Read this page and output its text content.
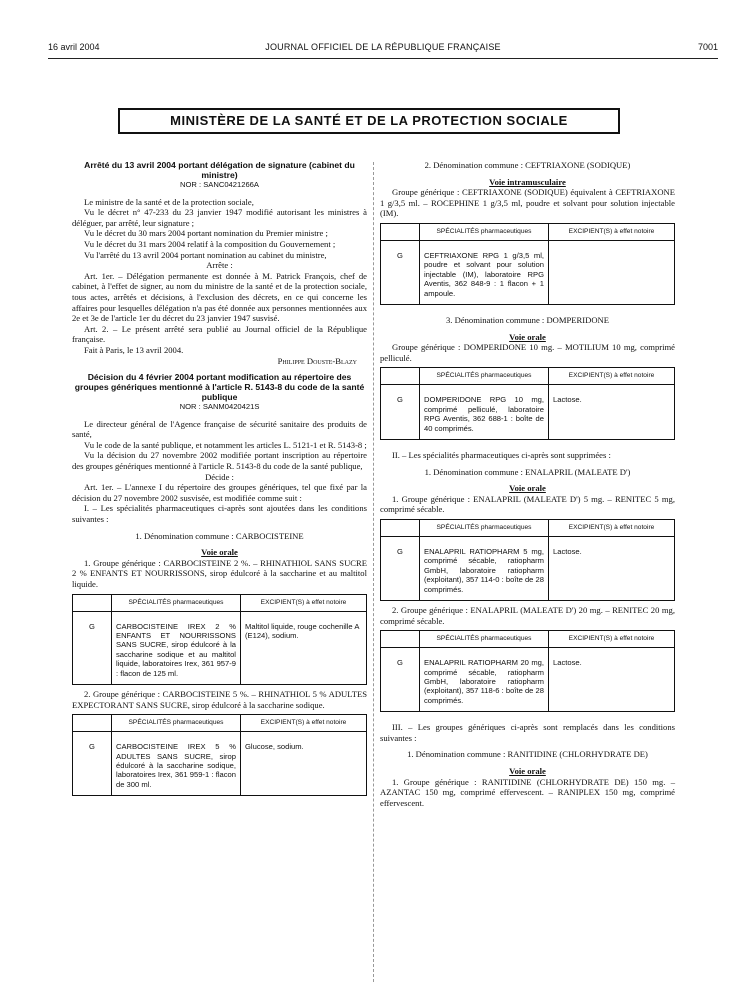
16 avril 2004	JOURNAL OFFICIEL DE LA RÉPUBLIQUE FRANÇAISE	7001
MINISTÈRE DE LA SANTÉ ET DE LA PROTECTION SOCIALE

Arrêté du 13 avril 2004 portant délégation de signature (cabinet du ministre)

NOR : SANC0421266A

Le ministre de la santé et de la protection sociale,

Vu le décret n° 47-233 du 23 janvier 1947 modifié autorisant les ministres à déléguer, par arrêté, leur signature ;

Vu le décret du 30 mars 2004 portant nomination du Premier ministre ;

Vu le décret du 31 mars 2004 relatif à la composition du Gouvernement ;

Vu l'arrêté du 13 avril 2004 portant nomination au cabinet du ministre,

Arrête :

Art. 1er. – Délégation permanente est donnée à M. Patrick François, chef de cabinet, à l'effet de signer, au nom du ministre de la santé et de la protection sociale, tous actes, arrêtés et décisions, à l'exclusion des décrets, en ce qui concerne les affaires pour lesquelles délégation n'a pas été donnée aux personnes mentionnées aux 2e et 3e de l'article 1er du décret du 23 janvier 1947 susvisé.

Art. 2. – Le présent arrêté sera publié au Journal officiel de la République française.

Fait à Paris, le 13 avril 2004.

Philippe Douste-Blazy

Décision du 4 février 2004 portant modification au répertoire des groupes génériques mentionné à l'article R. 5143-8 du code de la santé publique

NOR : SANM0420421S

Le directeur général de l'Agence française de sécurité sanitaire des produits de santé,

Vu le code de la santé publique, et notamment les articles L. 5121-1 et R. 5143-8 ;

Vu la décision du 27 novembre 2002 modifiée portant inscription au répertoire des groupes génériques mentionné à l'article R. 5143-8 du code de la santé publique,

Décide :

Art. 1er. – L'annexe I du répertoire des groupes génériques, tel que fixé par la décision du 27 novembre 2002 susvisée, est modifiée comme suit :

I. – Les spécialités pharmaceutiques ci-après sont ajoutées dans les conditions suivantes :

1. Dénomination commune : CARBOCISTEINE

Voie orale

1. Groupe générique : CARBOCISTEINE 2 %. – RHINATHIOL SANS SUCRE 2 % ENFANTS ET NOURRISSONS, sirop édulcoré à la saccharine et au maltitol liquide.

	SPÉCIALITÉS pharmaceutiques	EXCIPIENT(S) à effet notoire
G	CARBOCISTEINE IREX 2 % ENFANTS ET NOURRISSONS SANS SUCRE, sirop édulcoré à la saccharine sodique et au maltitol liquide, laboratoires Irex, 361 957-9 : flacon de 125 ml.	Maltitol liquide, rouge cochenille A (E124), sodium.

2. Groupe générique : CARBOCISTEINE 5 %. – RHINATHIOL 5 % ADULTES EXPECTORANT SANS SUCRE, sirop édulcoré à la saccharine sodique.

	SPÉCIALITÉS pharmaceutiques	EXCIPIENT(S) à effet notoire
G	CARBOCISTEINE IREX 5 % ADULTES SANS SUCRE, sirop édulcoré à la saccharine sodique, laboratoires Irex, 361 959-1 : flacon de 300 ml.	Glucose, sodium.

2. Dénomination commune : CEFTRIAXONE (SODIQUE)

Voie intramusculaire

Groupe générique : CEFTRIAXONE (SODIQUE) équivalent à CEFTRIAXONE 1 g/3,5 ml. – ROCEPHINE 1 g/3,5 ml, poudre et solvant pour solution injectable (IM).

	SPÉCIALITÉS pharmaceutiques	EXCIPIENT(S) à effet notoire
G	CEFTRIAXONE RPG 1 g/3,5 ml, poudre et solvant pour solution injectable (IM), laboratoire RPG Aventis, 362 848-9 : 1 flacon + 1 ampoule.	

3. Dénomination commune : DOMPERIDONE

Voie orale

Groupe générique : DOMPERIDONE 10 mg. – MOTILIUM 10 mg, comprimé pelliculé.

	SPÉCIALITÉS pharmaceutiques	EXCIPIENT(S) à effet notoire
G	DOMPERIDONE RPG 10 mg, comprimé pelliculé, laboratoire RPG Aventis, 362 688-1 : boîte de 40 comprimés.	Lactose.

II. – Les spécialités pharmaceutiques ci-après sont supprimées :

1. Dénomination commune : ENALAPRIL (MALEATE D')

Voie orale

1. Groupe générique : ENALAPRIL (MALEATE D') 5 mg. – RENITEC 5 mg, comprimé sécable.

	SPÉCIALITÉS pharmaceutiques	EXCIPIENT(S) à effet notoire
G	ENALAPRIL RATIOPHARM 5 mg, comprimé sécable, ratiopharm GmbH, laboratoire ratiopharm (exploitant), 357 114-0 : boîte de 28 comprimés.	Lactose.

2. Groupe générique : ENALAPRIL (MALEATE D') 20 mg. – RENITEC 20 mg, comprimé sécable.

	SPÉCIALITÉS pharmaceutiques	EXCIPIENT(S) à effet notoire
G	ENALAPRIL RATIOPHARM 20 mg, comprimé sécable, ratiopharm GmbH, laboratoire ratiopharm (exploitant), 357 118-6 : boîte de 28 comprimés.	Lactose.

III. – Les groupes génériques ci-après sont remplacés dans les conditions suivantes :

1. Dénomination commune : RANITIDINE (CHLORHYDRATE DE)

Voie orale

1. Groupe générique : RANITIDINE (CHLORHYDRATE DE) 150 mg. – AZANTAC 150 mg, comprimé effervescent. – RANIPLEX 150 mg, comprimé effervescent.
